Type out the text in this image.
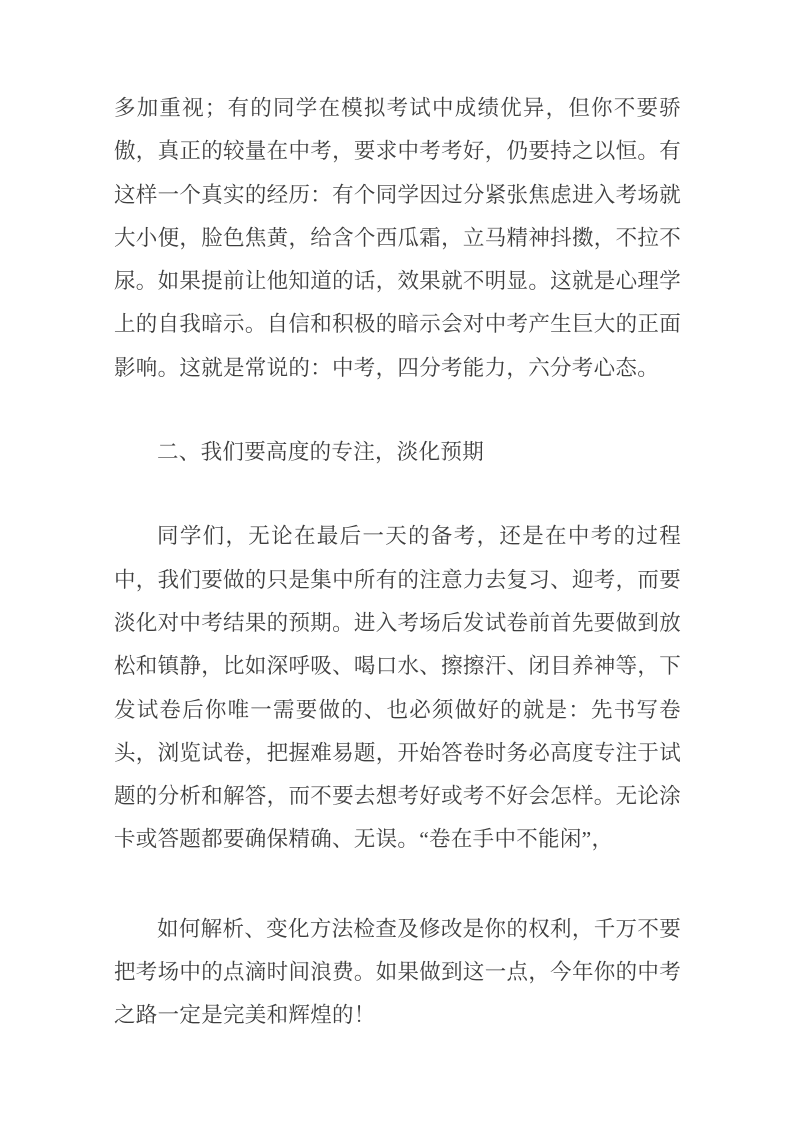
多加重视；有的同学在模拟考试中成绩优异，但你不要骄傲，真正的较量在中考，要求中考考好，仍要持之以恒。有这样一个真实的经历：有个同学因过分紧张焦虑进入考场就大小便，脸色焦黄，给含个西瓜霜，立马精神抖擞，不拉不尿。如果提前让他知道的话，效果就不明显。这就是心理学上的自我暗示。自信和积极的暗示会对中考产生巨大的正面影响。这就是常说的：中考，四分考能力，六分考心态。

二、我们要高度的专注，淡化预期

同学们，无论在最后一天的备考，还是在中考的过程中，我们要做的只是集中所有的注意力去复习、迎考，而要淡化对中考结果的预期。进入考场后发试卷前首先要做到放松和镇静，比如深呼吸、喝口水、擦擦汗、闭目养神等，下发试卷后你唯一需要做的、也必须做好的就是：先书写卷头，浏览试卷，把握难易题，开始答卷时务必高度专注于试题的分析和解答，而不要去想考好或考不好会怎样。无论涂卡或答题都要确保精确、无误。“卷在手中不能闲”，

如何解析、变化方法检查及修改是你的权利，千万不要把考场中的点滴时间浪费。如果做到这一点，今年你的中考之路一定是完美和辉煌的！
